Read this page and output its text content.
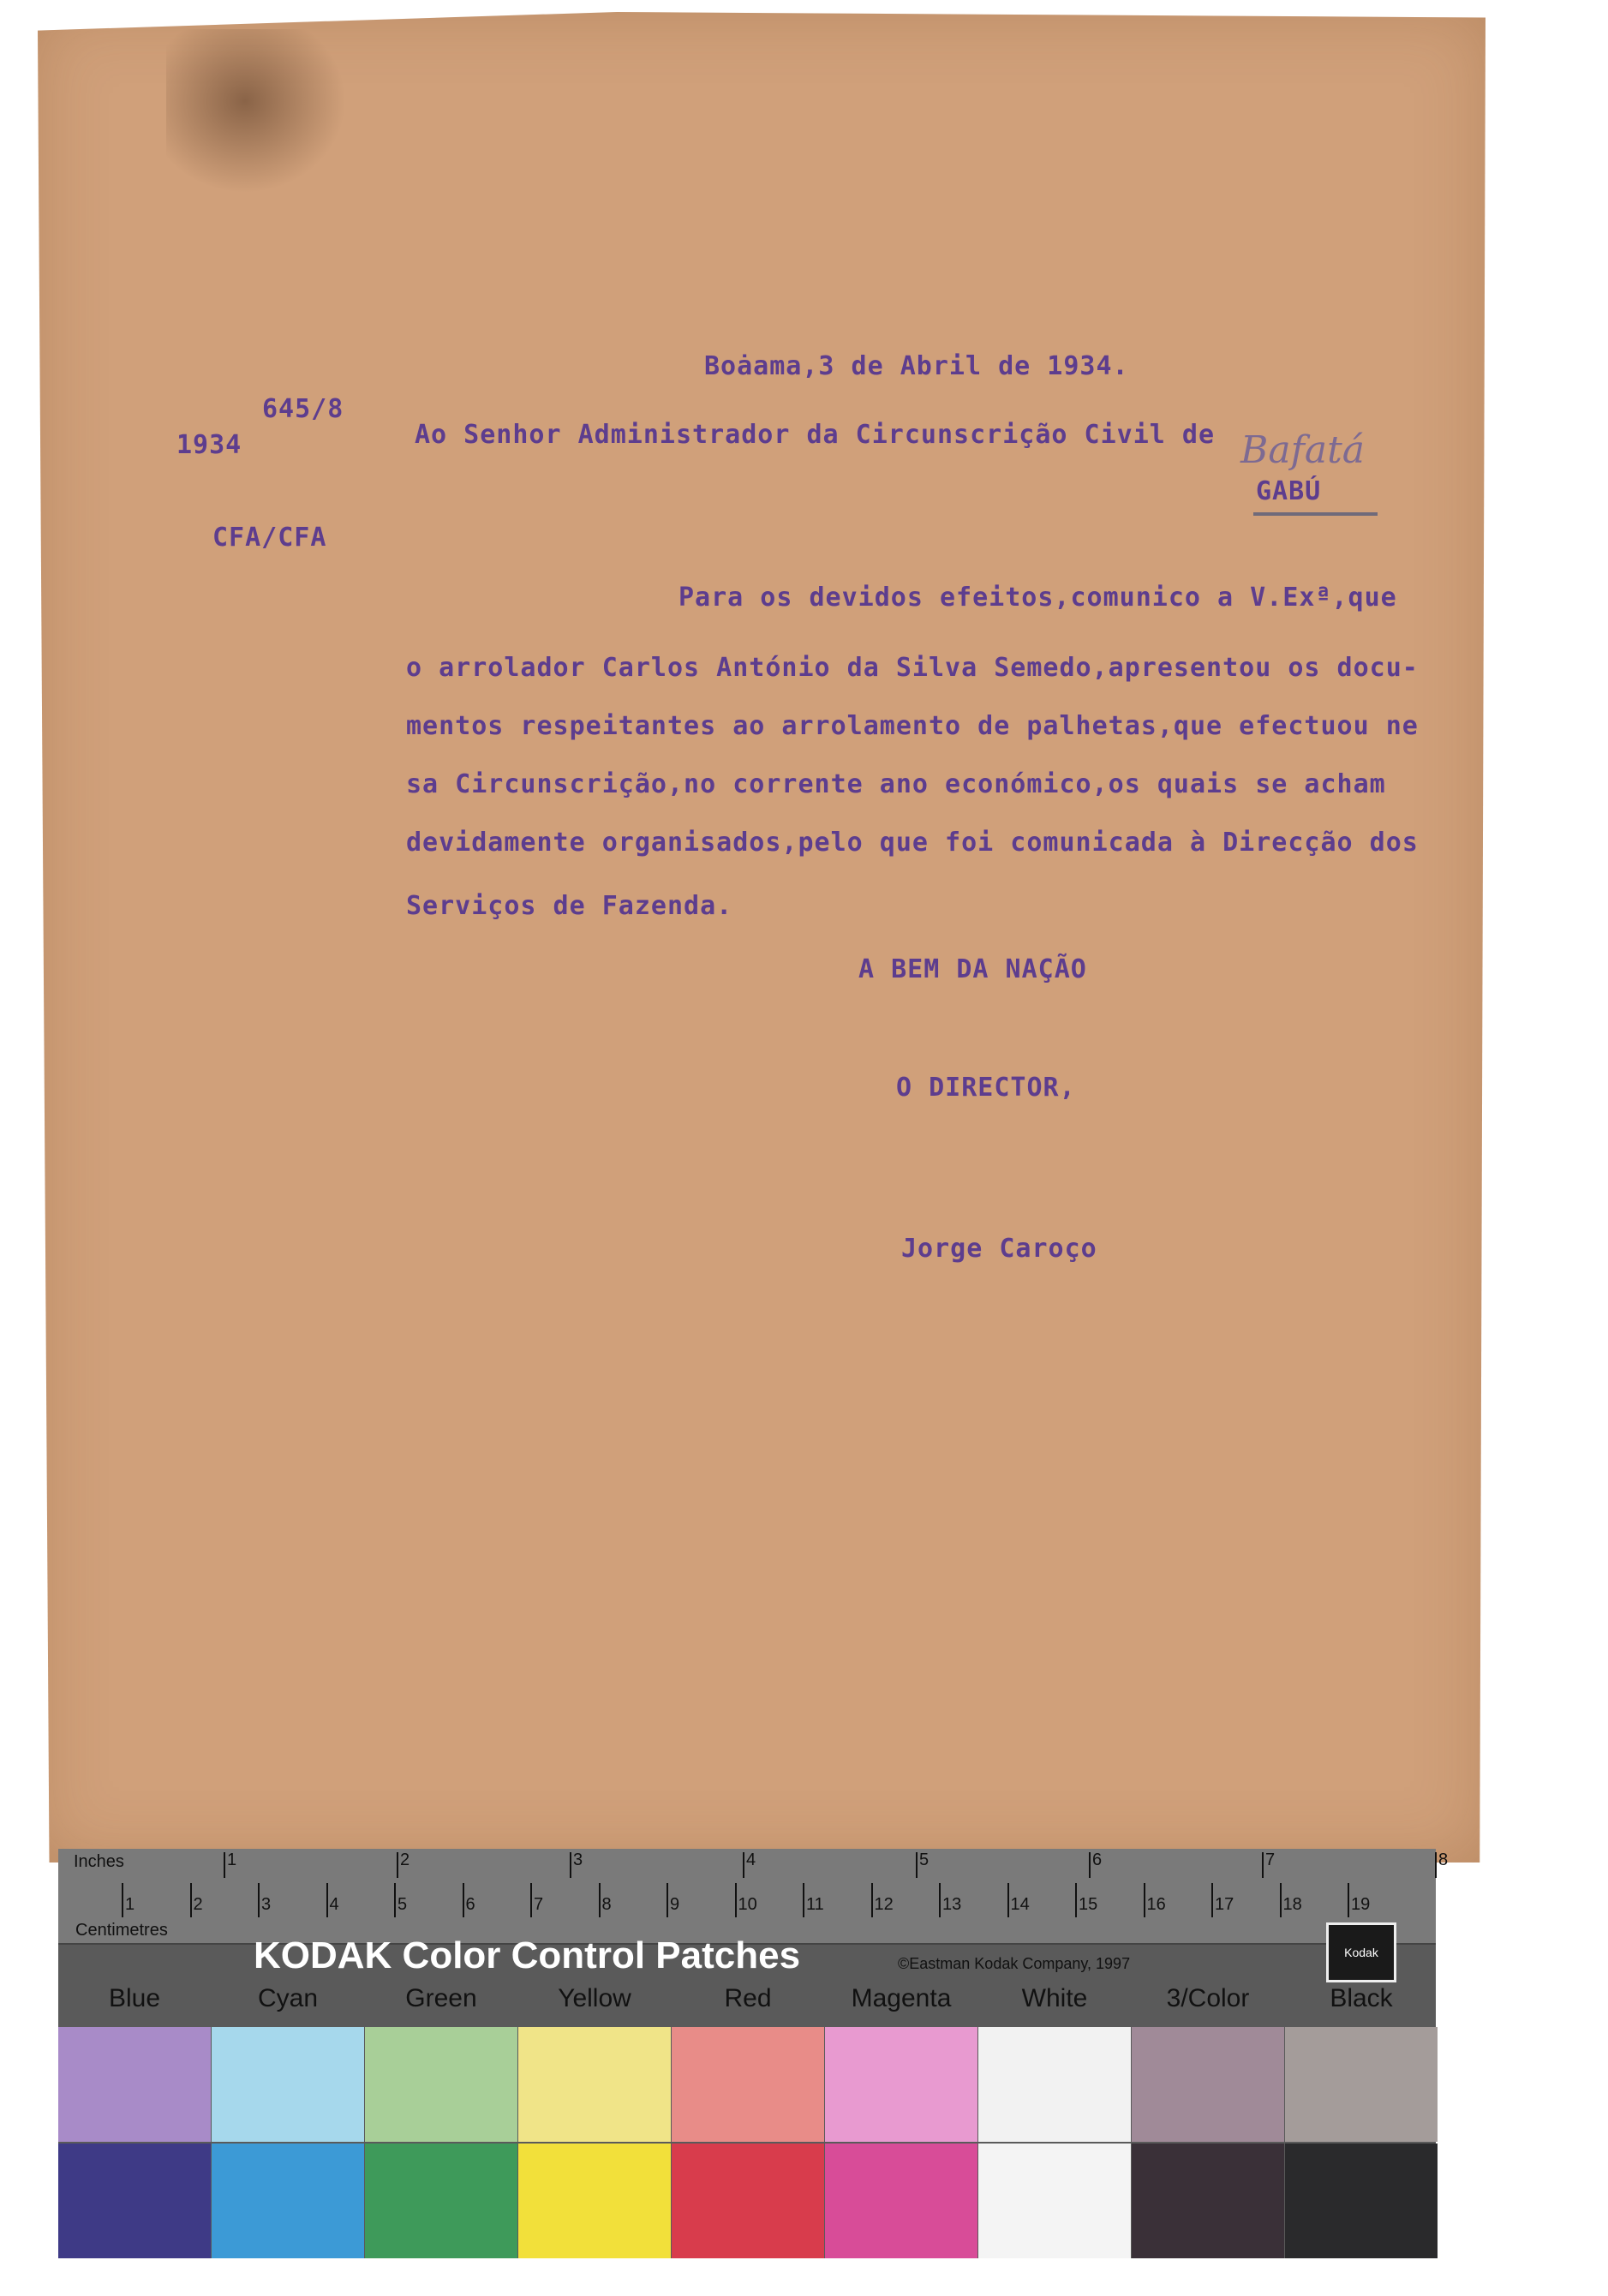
Boȧama,3 de Abril de 1934.
645/8
1934	Ao Senhor Administrador da Circunscrição Civil de Bafatá
GABÚ
CFA/CFA
Para os devidos efeitos,comunico a V.Exª,que
o arrolador Carlos António da Silva Semedo,apresentou os docu-
mentos respeitantes ao arrolamento de palhetas,que efectuou ne
sa Circunscrição,no corrente ano económico,os quais se acham
devidamente organisados,pelo que foi comunicada à Direcção dos
Serviços de Fazenda.
A BEM DA NAÇÃO
O DIRECTOR,
Jorge Caroço
Inches
Centimetres
1	2	3	4	5	6	7	8
1	2	3	4	5	6	7	8	9	10	11	12	13	14	15	16	17	18	19
KODAK Color Control Patches	©Eastman Kodak Company, 1997
Kodak
Blue	Cyan	Green	Yellow	Red	Magenta	White	3/Color	Black
